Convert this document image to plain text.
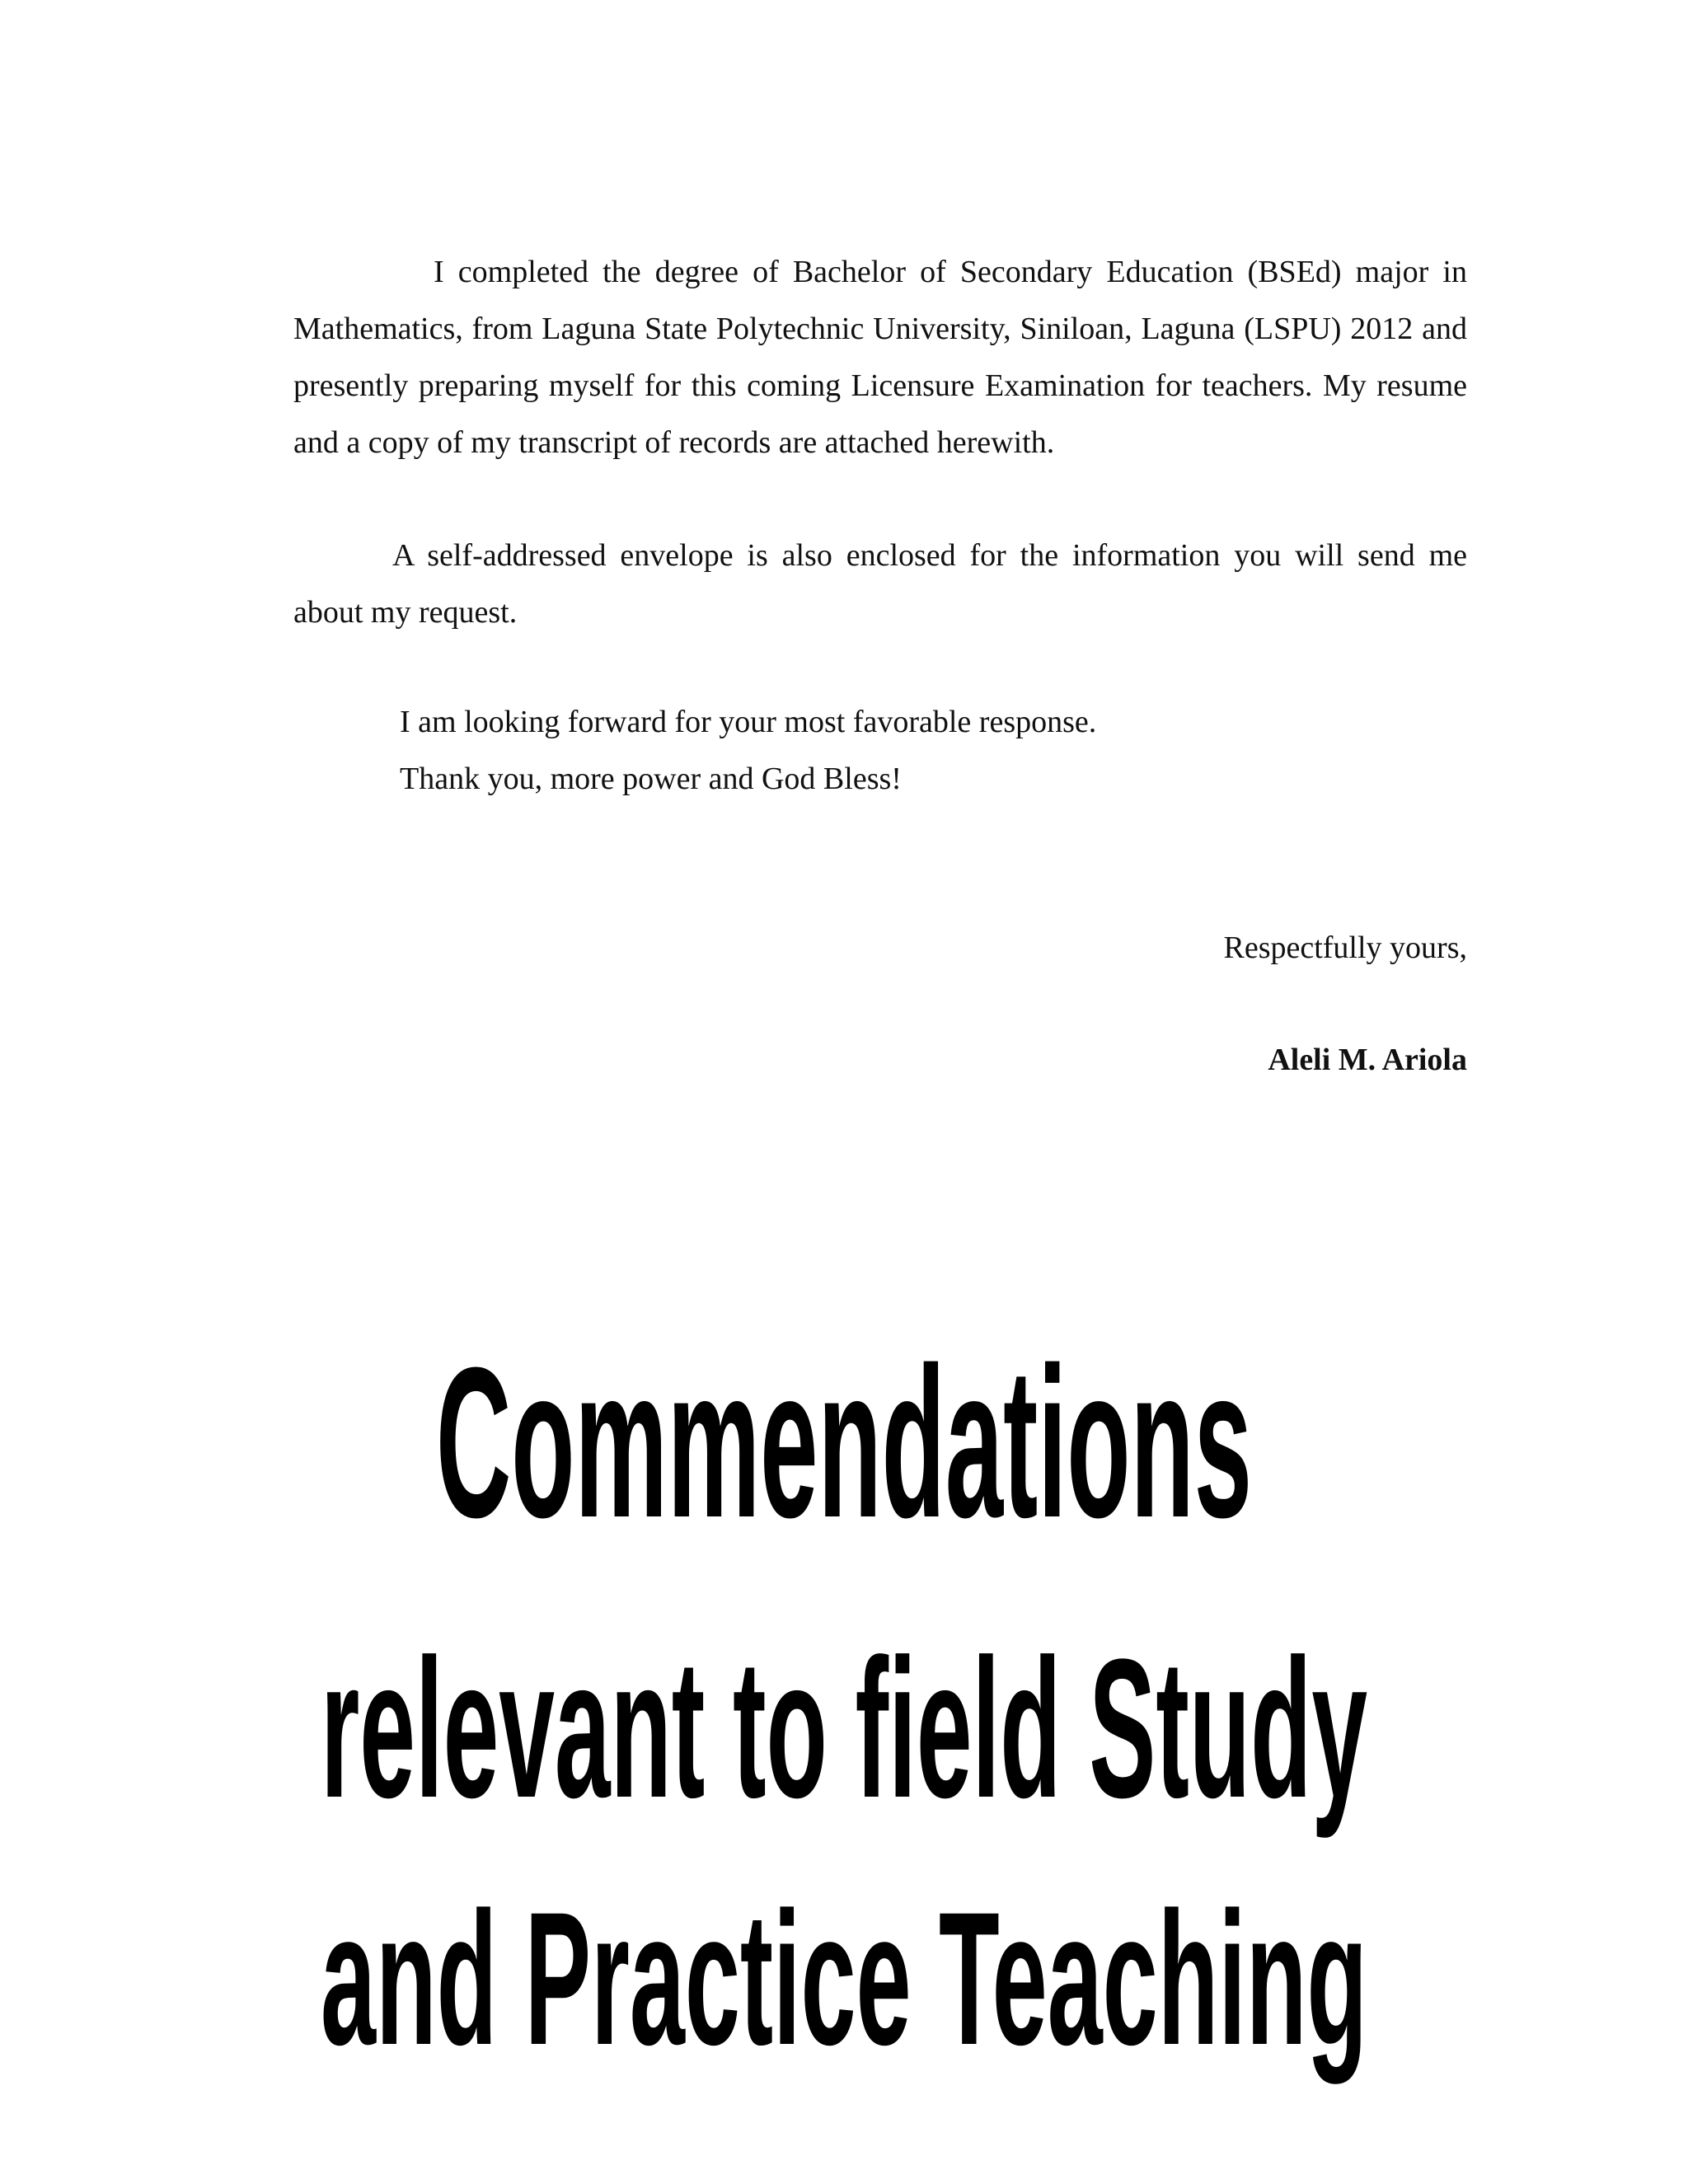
I completed the degree of Bachelor of Secondary Education (BSEd) major in Mathematics, from Laguna State Polytechnic University, Siniloan, Laguna (LSPU) 2012 and presently preparing myself for this coming Licensure Examination for teachers. My resume and a copy of my transcript of records are attached herewith.
A self-addressed envelope is also enclosed for the information you will send me about my request.
I am looking forward for your most favorable response.
Thank you, more power and God Bless!
Respectfully yours,
Aleli M. Ariola
Commendations
relevant to field Study
and Practice Teaching
